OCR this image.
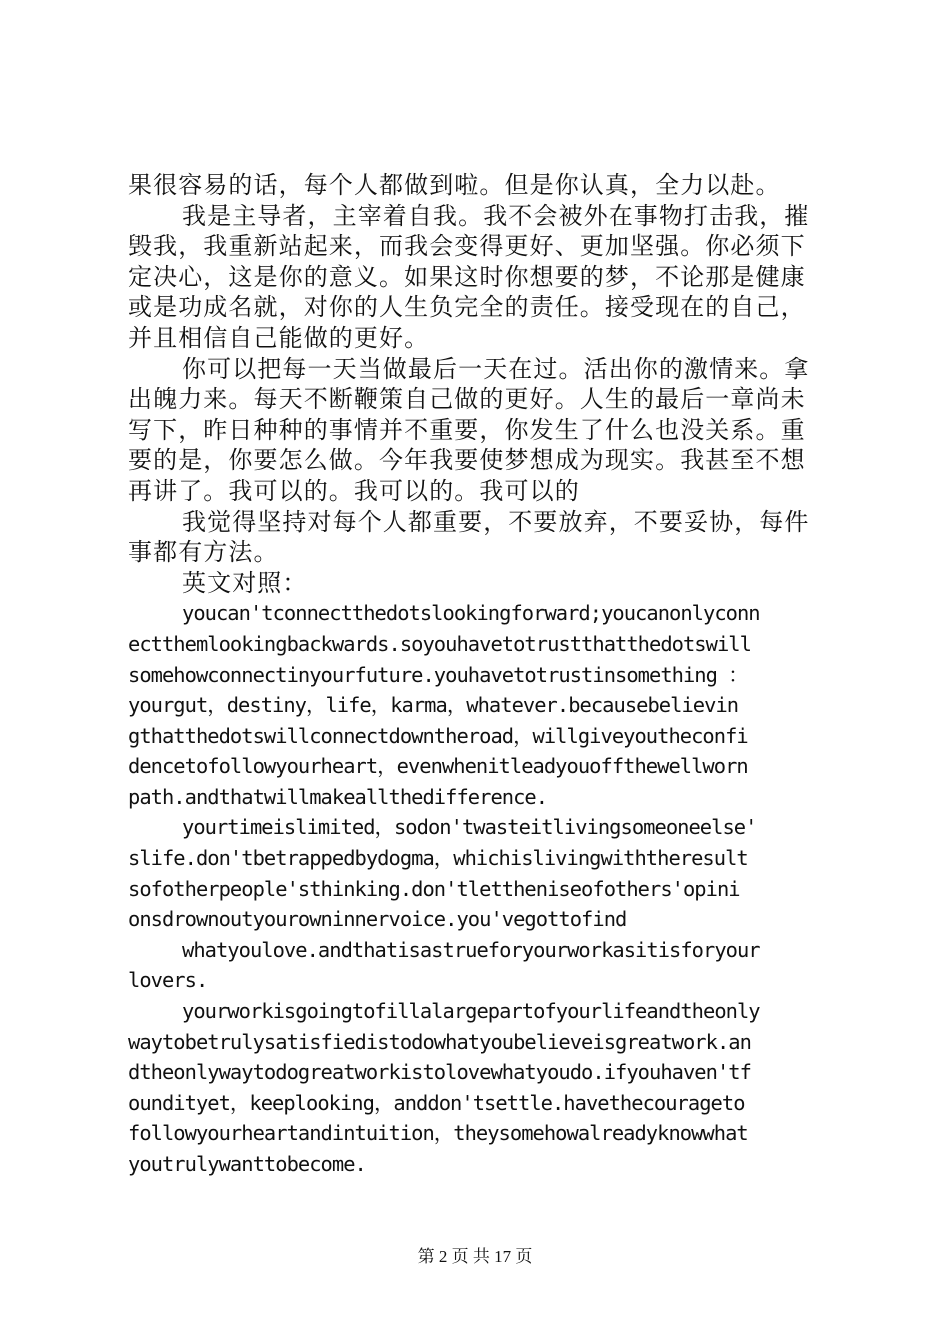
果很容易的话，每个人都做到啦。但是你认真，全力以赴。
我是主导者，主宰着自我。我不会被外在事物打击我，摧
毁我，我重新站起来，而我会变得更好、更加坚强。你必须下
定决心，这是你的意义。如果这时你想要的梦，不论那是健康
或是功成名就，对你的人生负完全的责任。接受现在的自己，
并且相信自己能做的更好。
你可以把每一天当做最后一天在过。活出你的激情来。拿
出魄力来。每天不断鞭策自己做的更好。人生的最后一章尚未
写下，昨日种种的事情并不重要，你发生了什么也没关系。重
要的是，你要怎么做。今年我要使梦想成为现实。我甚至不想
再讲了。我可以的。我可以的。我可以的
我觉得坚持对每个人都重要，不要放弃，不要妥协，每件
事都有方法。
英文对照：
youcan'tconnectthedotslookingforward;youcanonlyconn
ectthemlookingbackwards.soyouhavetotrustthatthedotswill
somehowconnectinyourfuture.youhavetotrustinsomething ：
yourgut，destiny，life，karma，whatever.becausebelievin
gthatthedotswillconnectdowntheroad，willgiveyoutheconfi
dencetofollowyourheart，evenwhenitleadyouoffthewellworn
path.andthatwillmakeallthedifference.
yourtimeislimited，sodon'twasteitlivingsomeoneelse'
slife.don'tbetrappedbydogma，whichislivingwiththeresult
sofotherpeople'sthinking.don'tlettheniseofothers'opini
onsdrownoutyourowninnervoice.you'vegottofind
whatyoulove.andthatisastrueforyourworkasitisforyour
lovers.
yourworkisgoingtofillalargepartofyourlifeandtheonly
waytobetrulysatisfiedistodowhatyoubelieveisgreatwork.an
dtheonlywaytodogreatworkistolovewhatyoudo.ifyouhaven'tf
oundityet，keeplooking，anddon'tsettle.havethecourageto
followyourheartandintuition，theysomehowalreadyknowwhat
youtrulywanttobecome.
第 2 页 共 17 页
